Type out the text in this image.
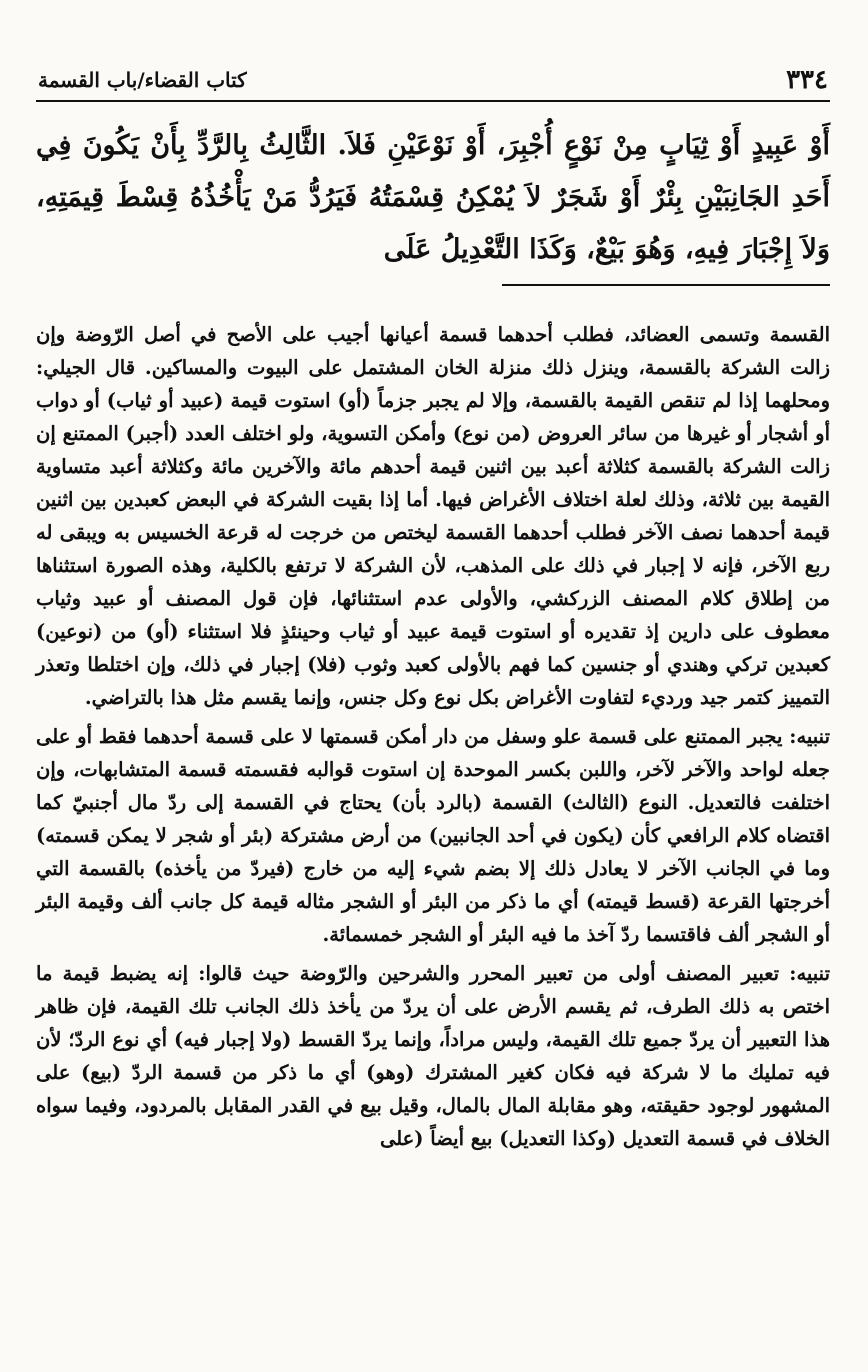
٣٣٤
كتاب القضاء/باب القسمة
أَوْ عَبِيدٍ أَوْ ثِيَابٍ مِنْ نَوْعٍ أُجْبِرَ، أَوْ نَوْعَيْنِ فَلاَ. الثَّالِثُ بِالرَّدِّ بِأَنْ يَكُونَ فِي أَحَدِ الجَانِبَيْنِ بِئْرٌ أَوْ شَجَرٌ لاَ يُمْكِنُ قِسْمَتُهُ فَيَرُدُّ مَنْ يَأْخُذُهُ قِسْطَ قِيمَتِهِ، وَلاَ إِجْبَارَ فِيهِ، وَهُوَ بَيْعٌ، وَكَذَا التَّعْدِيلُ عَلَى

القسمة وتسمى العضائد، فطلب أحدهما قسمة أعيانها أجيب على الأصح في أصل الرّوضة وإن زالت الشركة بالقسمة، وينزل ذلك منزلة الخان المشتمل على البيوت والمساكين. قال الجيلي: ومحلهما إذا لم تنقص القيمة بالقسمة، وإلا لم يجبر جزماً (أو) استوت قيمة (عبيد أو ثياب) أو دواب أو أشجار أو غيرها من سائر العروض (من نوع) وأمكن التسوية، ولو اختلف العدد (أجبر) الممتنع إن زالت الشركة بالقسمة كثلاثة أعبد بين اثنين قيمة أحدهم مائة والآخرين مائة وكثلاثة أعبد متساوية القيمة بين ثلاثة، وذلك لعلة اختلاف الأغراض فيها. أما إذا بقيت الشركة في البعض كعبدين بين اثنين قيمة أحدهما نصف الآخر فطلب أحدهما القسمة ليختص من خرجت له قرعة الخسيس به ويبقى له ربع الآخر، فإنه لا إجبار في ذلك على المذهب، لأن الشركة لا ترتفع بالكلية، وهذه الصورة استثناها من إطلاق كلام المصنف الزركشي، والأولى عدم استثنائها، فإن قول المصنف أو عبيد وثياب معطوف على دارين إذ تقديره أو استوت قيمة عبيد أو ثياب وحينئذٍ فلا استثناء (أو) من (نوعين) كعبدين تركي وهندي أو جنسين كما فهم بالأولى كعبد وثوب (فلا) إجبار في ذلك، وإن اختلطا وتعذر التمييز كتمر جيد ورديء لتفاوت الأغراض بكل نوع وكل جنس، وإنما يقسم مثل هذا بالتراضي.

تنبيه: يجبر الممتنع على قسمة علو وسفل من دار أمكن قسمتها لا على قسمة أحدهما فقط أو على جعله لواحد والآخر لآخر، واللبن بكسر الموحدة إن استوت قوالبه فقسمته قسمة المتشابهات، وإن اختلفت فالتعديل. النوع (الثالث) القسمة (بالرد بأن) يحتاج في القسمة إلى ردّ مال أجنبيّ كما اقتضاه كلام الرافعي كأن (يكون في أحد الجانبين) من أرض مشتركة (بئر أو شجر لا يمكن قسمته) وما في الجانب الآخر لا يعادل ذلك إلا بضم شيء إليه من خارج (فيردّ من يأخذه) بالقسمة التي أخرجتها القرعة (قسط قيمته) أي ما ذكر من البئر أو الشجر مثاله قيمة كل جانب ألف وقيمة البئر أو الشجر ألف فاقتسما ردّ آخذ ما فيه البئر أو الشجر خمسمائة.

تنبيه: تعبير المصنف أولى من تعبير المحرر والشرحين والرّوضة حيث قالوا: إنه يضبط قيمة ما اختص به ذلك الطرف، ثم يقسم الأرض على أن يردّ من يأخذ ذلك الجانب تلك القيمة، فإن ظاهر هذا التعبير أن يردّ جميع تلك القيمة، وليس مراداً، وإنما يردّ القسط (ولا إجبار فيه) أي نوع الردّ؛ لأن فيه تمليك ما لا شركة فيه فكان كغير المشترك (وهو) أي ما ذكر من قسمة الردّ (بيع) على المشهور لوجود حقيقته، وهو مقابلة المال بالمال، وقيل بيع في القدر المقابل بالمردود، وفيما سواه الخلاف في قسمة التعديل (وكذا التعديل) بيع أيضاً (على
